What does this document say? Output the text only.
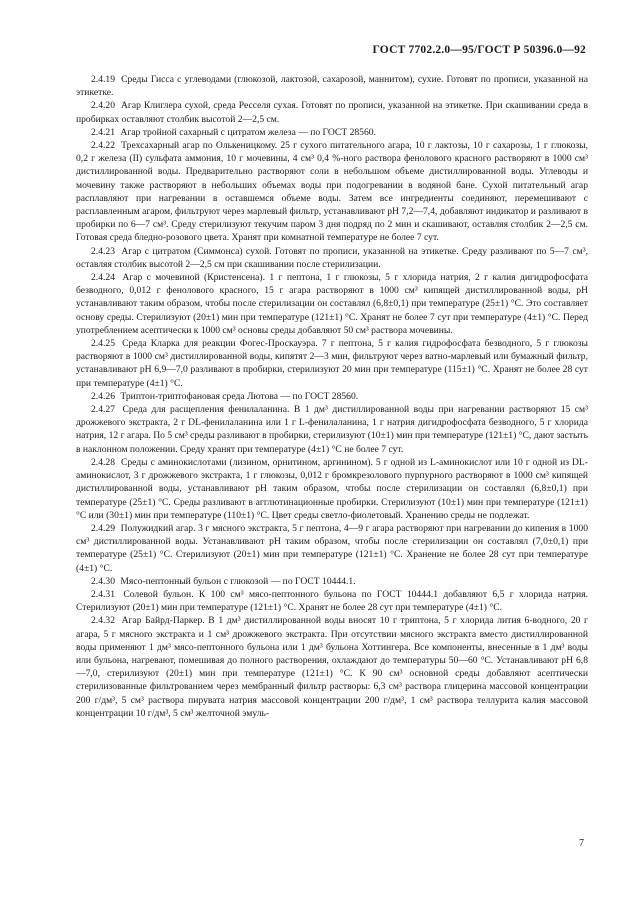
ГОСТ 7702.2.0—95/ГОСТ Р 50396.0—92

2.4.19 Среды Гисса с углеводами (глюкозой, лактозой, сахарозой, маннитом), сухие. Готовят по прописи, указанной на этикетке.

2.4.20 Агар Клиглера сухой, среда Ресселя сухая. Готовят по прописи, указанной на этикетке. При скашивании среда в пробирках оставляют столбик высотой 2—2,5 см.

2.4.21 Агар тройной сахарный с цитратом железа — по ГОСТ 28560.

2.4.22 Трехсахарный агар по Олькеницкому. 25 г сухого питательного агара, 10 г лактозы, 10 г сахарозы, 1 г глюкозы, 0,2 г железа (II) сульфата аммония, 10 г мочевины, 4 см³ 0,4 %-ного раствора фенолового красного растворяют в 1000 см³ дистиллированной воды. Предварительно растворяют соли в небольшом объеме дистиллированной воды. Углеводы и мочевину также растворяют в небольших объемах воды при подогревании в водяной бане. Сухой питательный агар расплавляют при нагревании в оставшемся объеме воды. Затем все ингредиенты соединяют, перемешивают с расплавленным агаром, фильтруют через марлевый фильтр, устанавливают pH 7,2—7,4, добавляют индикатор и разливают в пробирки по 6—7 см³. Среду стерилизуют текучим паром 3 дня подряд по 2 мин и скашивают, оставляя столбик 2—2,5 см. Готовая среда бледно-розового цвета. Хранят при комнатной температуре не более 7 сут.

2.4.23 Агар с цитратом (Симмонса) сухой. Готовят по прописи, указанной на этикетке. Среду разливают по 5—7 см³, оставляя столбик высотой 2—2,5 см при скашивании после стерилизации.

2.4.24 Агар с мочевиной (Кристенсена). 1 г пептона, 1 г глюкозы, 5 г хлорида натрия, 2 г калия дигидрофосфата безводного, 0,012 г фенолового красного, 15 г агара растворяют в 1000 см³ кипящей дистиллированной воды, pH устанавливают таким образом, чтобы после стерилизации он составлял (6,8±0,1) при температуре (25±1) °С. Это составляет основу среды. Стерилизуют (20±1) мин при температуре (121±1) °С. Хранят не более 7 сут при температуре (4±1) °С. Перед употреблением асептически к 1000 см³ основы среды добавляют 50 см³ раствора мочевины.

2.4.25 Среда Кларка для реакции Фогес-Проскауэра. 7 г пептона, 5 г калия гидрофосфата безводного, 5 г глюкозы растворяют в 1000 см³ дистиллированной воды, кипятят 2—3 мин, фильтруют через ватно-марлевый или бумажный фильтр, устанавливают pH 6,9—7,0 разливают в пробирки, стерилизуют 20 мин при температуре (115±1) °С. Хранят не более 28 сут при температуре (4±1) °С.

2.4.26 Триптон-триптофановая среда Лютова — по ГОСТ 28560.

2.4.27 Среда для расщепления фенилаланина. В 1 дм³ дистиллированной воды при нагревании растворяют 15 см³ дрожжевого экстракта, 2 г DL-фенилаланина или 1 г L-фенилаланина, 1 г натрия дигидрофосфата безводного, 5 г хлорида натрия, 12 г агара. По 5 см³ среды разливают в пробирки, стерилизуют (10±1) мин при температуре (121±1) °С, дают застыть в наклонном положении. Среду хранят при температуре (4±1) °С не более 7 сут.

2.4.28 Среды с аминокислотами (лизином, орнитином, аргинином). 5 г одной из L-аминокислот или 10 г одной из DL-аминокислот, 3 г дрожжевого экстракта, 1 г глюкозы, 0,012 г бромкрезолового пурпурного растворяют в 1000 см³ кипящей дистиллированной воды, устанавливают pH таким образом, чтобы после стерилизации он составлял (6,8±0,1) при температуре (25±1) °С. Среды разливают в агглютинационные пробирки. Стерилизуют (10±1) мин при температуре (121±1) °С или (30±1) мин при температуре (110±1) °С. Цвет среды светло-фиолетовый. Хранению среды не подлежат.

2.4.29 Полужидкий агар. 3 г мясного экстракта, 5 г пептона, 4—9 г агара растворяют при нагревании до кипения в 1000 см³ дистиллированной воды. Устанавливают pH таким образом, чтобы после стерилизации он составлял (7,0±0,1) при температуре (25±1) °С. Стерилизуют (20±1) мин при температуре (121±1) °С. Хранение не более 28 сут при температуре (4±1) °С.

2.4.30 Мясо-пептонный бульон с глюкозой — по ГОСТ 10444.1.

2.4.31 Солевой бульон. К 100 см³ мясо-пептонного бульона по ГОСТ 10444.1 добавляют 6,5 г хлорида натрия. Стерилизуют (20±1) мин при температуре (121±1) °С. Хранят не более 28 сут при температуре (4±1) °С.

2.4.32 Агар Байрд-Паркер. В 1 дм³ дистиллированной воды вносят 10 г триптона, 5 г хлорида лития 6-водного, 20 г агара, 5 г мясного экстракта и 1 см³ дрожжевого экстракта. При отсутствии мясного экстракта вместо дистиллированной воды применяют 1 дм³ мясо-пептонного бульона или 1 дм³ бульона Хоттингера. Все компоненты, внесенные в 1 дм³ воды или бульона, нагревают, помешивая до полного растворения, охлаждают до температуры 50—60 °С. Устанавливают pH 6,8—7,0, стерилизуют (20±1) мин при температуре (121±1) °С. К 90 см³ основной среды добавляют асептически стерилизованные фильтрованием через мембранный фильтр растворы: 6,3 см³ раствора глицерина массовой концентрации 200 г/дм³, 5 см³ раствора пирувата натрия массовой концентрации 200 г/дм³, 1 см³ раствора теллурита калия массовой концентрации 10 г/дм³, 5 см³ желточной эмуль-

7
